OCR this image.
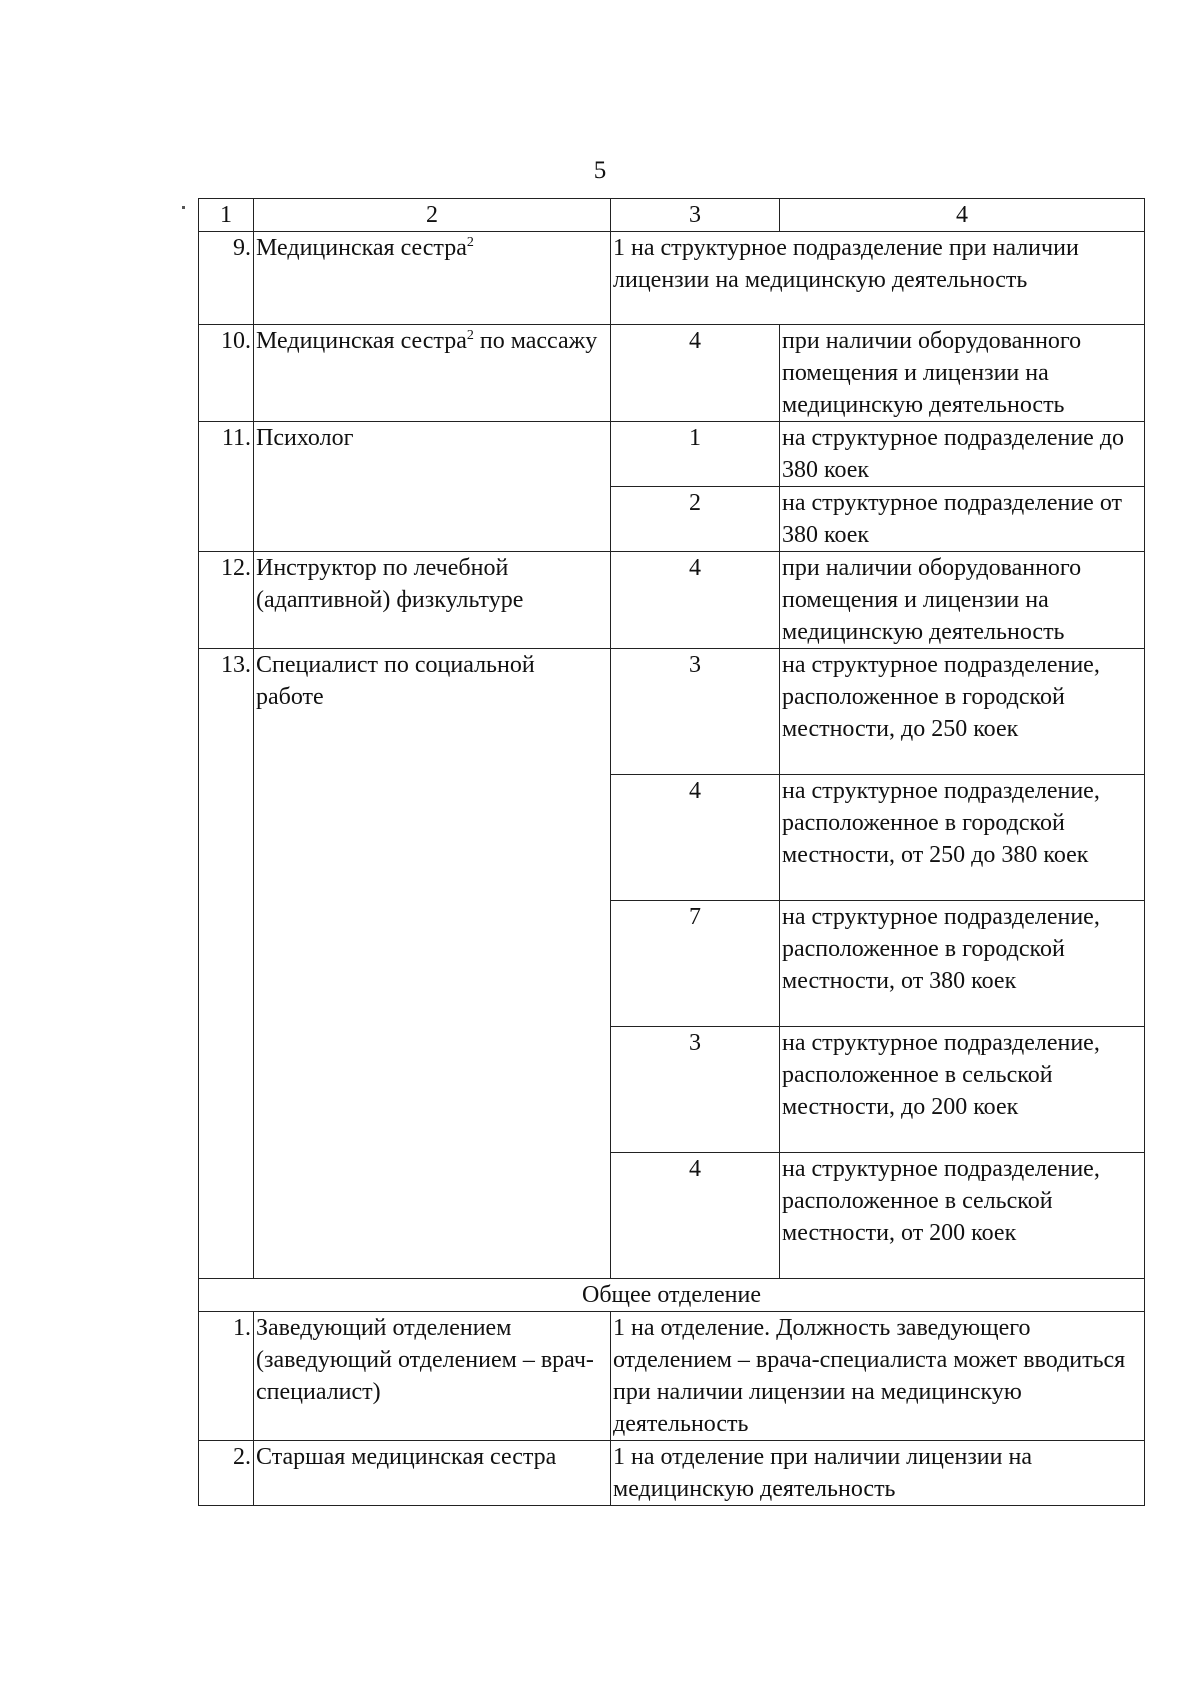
5
1	2	3	4
9.	Медицинская сестра$^2$	1 на структурное подразделение при наличии лицензии на медицинскую деятельность	
10.	Медицинская сестра$^2$ по массажу	4	при наличии оборудованного помещения и лицензии на медицинскую деятельность
11.	Психолог	1	на структурное подразделение до 380 коек
		2	на структурное подразделение от 380 коек
12.	Инструктор по лечебной (адаптивной) физкультуре	4	при наличии оборудованного помещения и лицензии на медицинскую деятельность
13.	Специалист по социальной работе	3	на структурное подразделение, расположенное в городской местности, до 250 коек
		4	на структурное подразделение, расположенное в городской местности, от 250 до 380 коек
		7	на структурное подразделение, расположенное в городской местности, от 380 коек
		3	на структурное подразделение, расположенное в сельской местности, до 200 коек
		4	на структурное подразделение, расположенное в сельской местности, от 200 коек
Общее отделение			
1.	Заведующий отделением (заведующий отделением – врач-специалист)	1 на отделение. Должность заведующего отделением – врача-специалиста может вводиться при наличии лицензии на медицинскую деятельность	
2.	Старшая медицинская сестра	1 на отделение при наличии лицензии на медицинскую деятельность	
